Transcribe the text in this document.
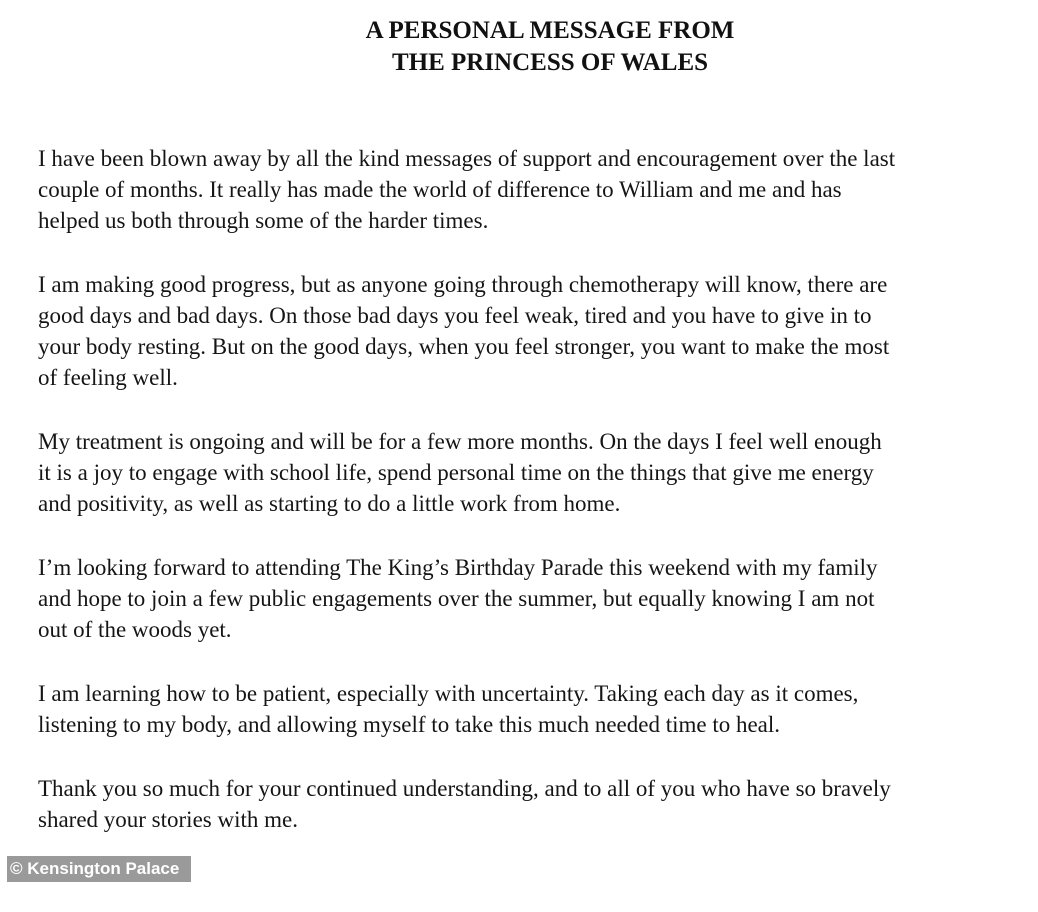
A PERSONAL MESSAGE FROM
THE PRINCESS OF WALES

I have been blown away by all the kind messages of support and encouragement over the last
couple of months. It really has made the world of difference to William and me and has
helped us both through some of the harder times.

I am making good progress, but as anyone going through chemotherapy will know, there are
good days and bad days. On those bad days you feel weak, tired and you have to give in to
your body resting. But on the good days, when you feel stronger, you want to make the most
of feeling well.

My treatment is ongoing and will be for a few more months. On the days I feel well enough
it is a joy to engage with school life, spend personal time on the things that give me energy
and positivity, as well as starting to do a little work from home.

I’m looking forward to attending The King’s Birthday Parade this weekend with my family
and hope to join a few public engagements over the summer, but equally knowing I am not
out of the woods yet.

I am learning how to be patient, especially with uncertainty. Taking each day as it comes,
listening to my body, and allowing myself to take this much needed time to heal.

Thank you so much for your continued understanding, and to all of you who have so bravely
shared your stories with me.

© Kensington Palace
